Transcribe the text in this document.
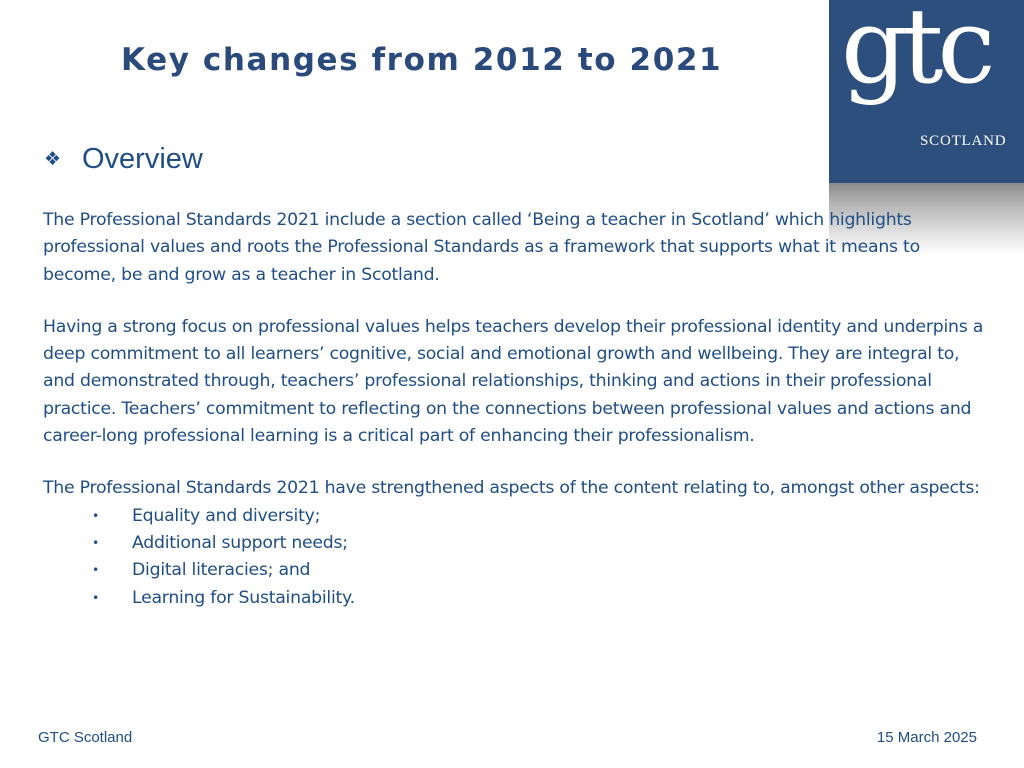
Key changes from 2012 to 2021 gtc
SCOTLAND
❖ Overview

The Professional Standards 2021 include a section called ‘Being a teacher in Scotland’ which highlights professional values and roots the Professional Standards as a framework that supports what it means to become, be and grow as a teacher in Scotland.

Having a strong focus on professional values helps teachers develop their professional identity and underpins a deep commitment to all learners’ cognitive, social and emotional growth and wellbeing. They are integral to, and demonstrated through, teachers’ professional relationships, thinking and actions in their professional practice. Teachers’ commitment to reflecting on the connections between professional values and actions and career-long professional learning is a critical part of enhancing their professionalism.

The Professional Standards 2021 have strengthened aspects of the content relating to, amongst other aspects:

•	Equality and diversity;
•	Additional support needs;
•	Digital literacies; and
•	Learning for Sustainability.
GTC Scotland	15 March 2025
